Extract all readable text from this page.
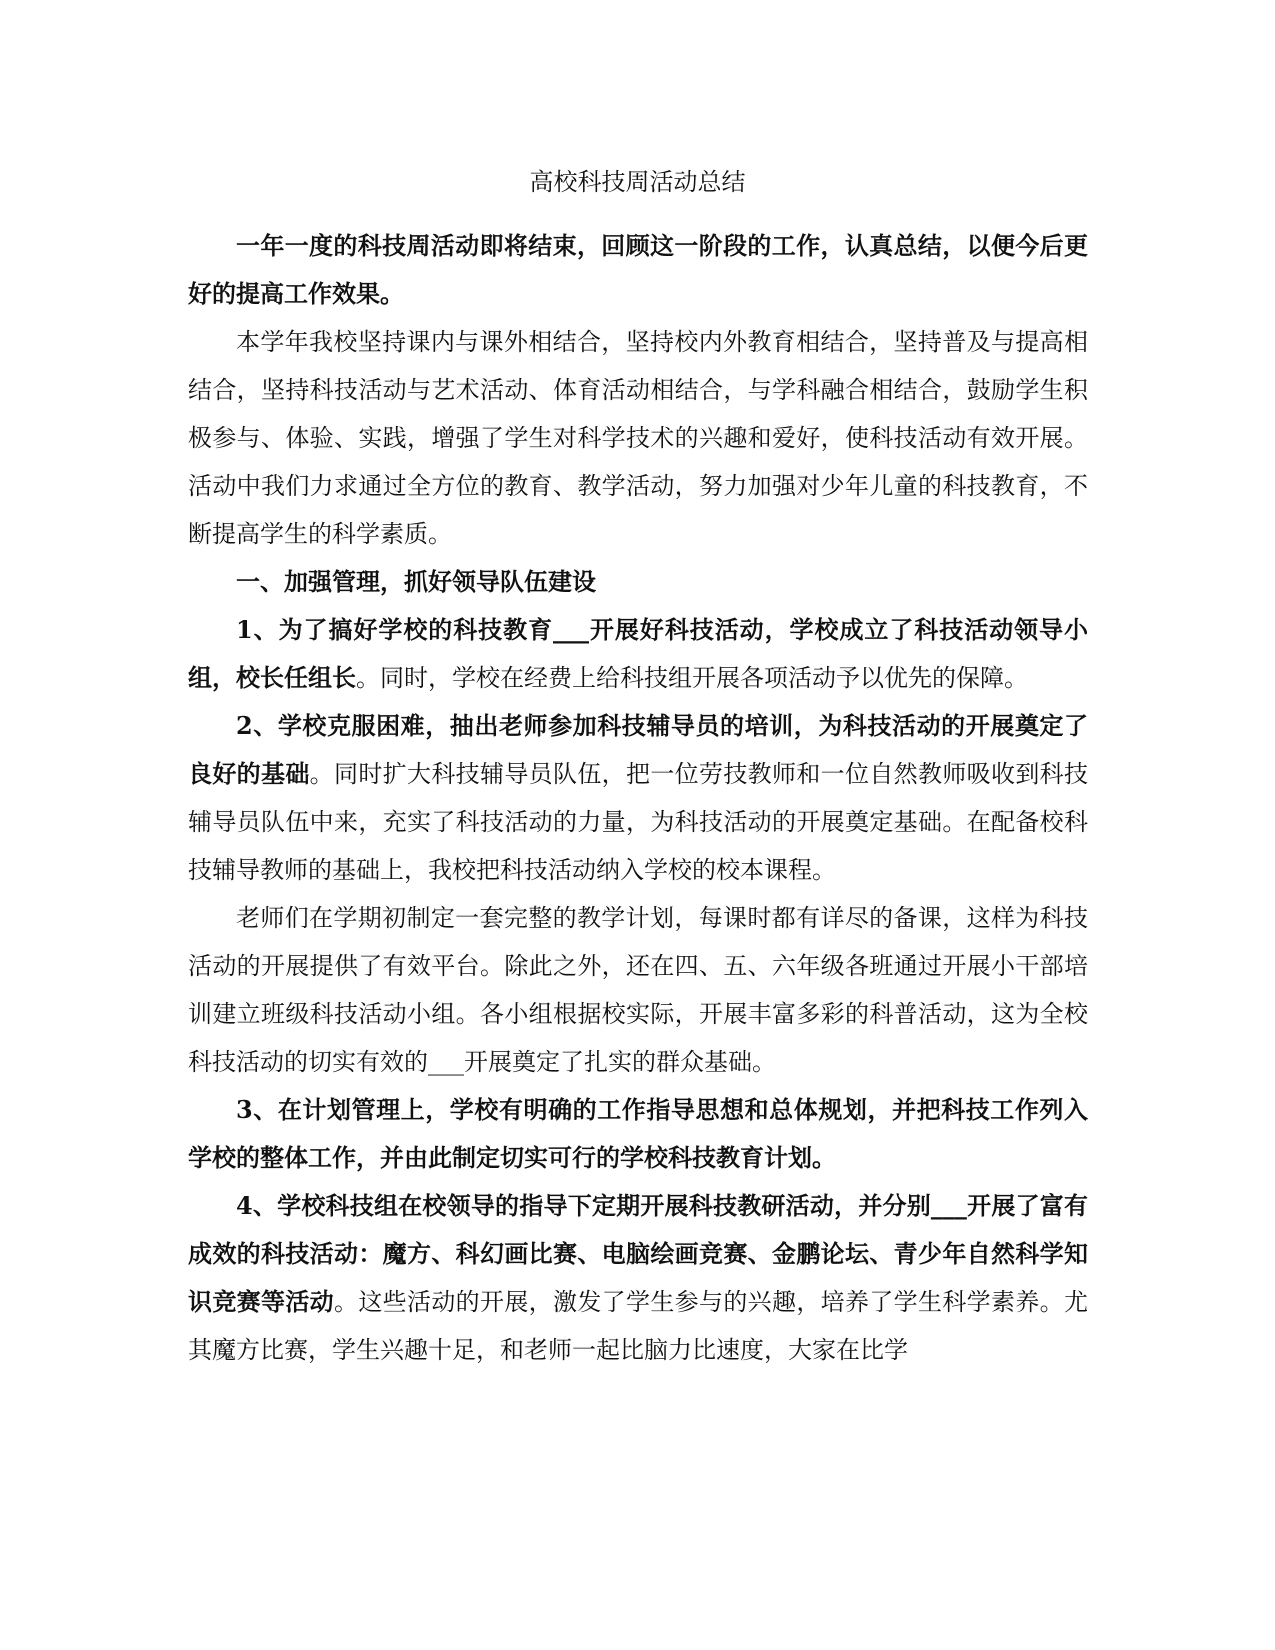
高校科技周活动总结

一年一度的科技周活动即将结束，回顾这一阶段的工作，认真总结，以便今后更好的提高工作效果。

本学年我校坚持课内与课外相结合，坚持校内外教育相结合，坚持普及与提高相结合，坚持科技活动与艺术活动、体育活动相结合，与学科融合相结合，鼓励学生积极参与、体验、实践，增强了学生对科学技术的兴趣和爱好，使科技活动有效开展。活动中我们力求通过全方位的教育、教学活动，努力加强对少年儿童的科技教育，不断提高学生的科学素质。

一、加强管理，抓好领导队伍建设

1、为了搞好学校的科技教育___开展好科技活动，学校成立了科技活动领导小组，校长任组长。同时，学校在经费上给科技组开展各项活动予以优先的保障。

2、学校克服困难，抽出老师参加科技辅导员的培训，为科技活动的开展奠定了良好的基础。同时扩大科技辅导员队伍，把一位劳技教师和一位自然教师吸收到科技辅导员队伍中来，充实了科技活动的力量，为科技活动的开展奠定基础。在配备校科技辅导教师的基础上，我校把科技活动纳入学校的校本课程。

老师们在学期初制定一套完整的教学计划，每课时都有详尽的备课，这样为科技活动的开展提供了有效平台。除此之外，还在四、五、六年级各班通过开展小干部培训建立班级科技活动小组。各小组根据校实际，开展丰富多彩的科普活动，这为全校科技活动的切实有效的___开展奠定了扎实的群众基础。

3、在计划管理上，学校有明确的工作指导思想和总体规划，并把科技工作列入学校的整体工作，并由此制定切实可行的学校科技教育计划。

4、学校科技组在校领导的指导下定期开展科技教研活动，并分别___开展了富有成效的科技活动：魔方、科幻画比赛、电脑绘画竞赛、金鹏论坛、青少年自然科学知识竞赛等活动。这些活动的开展，激发了学生参与的兴趣，培养了学生科学素养。尤其魔方比赛，学生兴趣十足，和老师一起比脑力比速度，大家在比学
